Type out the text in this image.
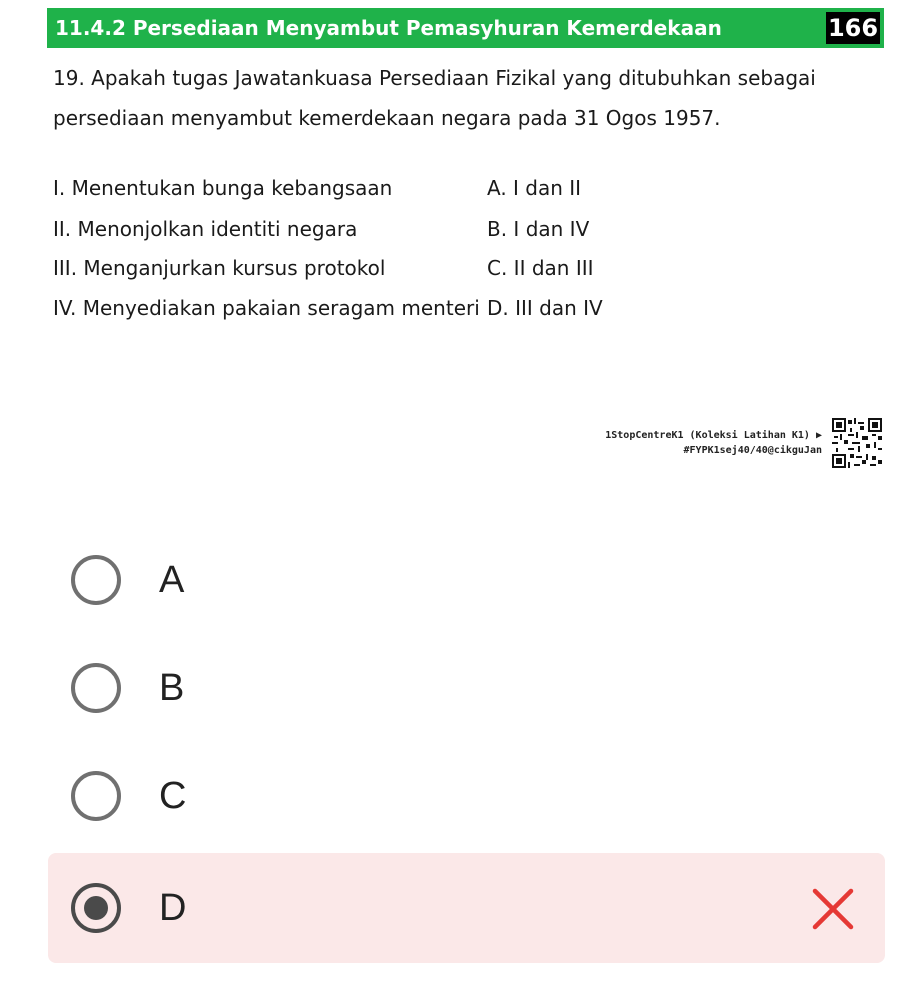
11.4.2 Persediaan Menyambut Pemasyhuran Kemerdekaan	166
19. Apakah tugas Jawatankuasa Persediaan Fizikal yang ditubuhkan sebagai persediaan menyambut kemerdekaan negara pada 31 Ogos 1957.
I. Menentukan bunga kebangsaan
II. Menonjolkan identiti negara
III. Menganjurkan kursus protokol
IV. Menyediakan pakaian seragam menteri
A. I dan II
B. I dan IV
C. II dan III
D. III dan IV
1StopCentreK1 (Koleksi Latihan K1) ▶
#FYPK1sej40/40@cikguJan
A
B
C
D
